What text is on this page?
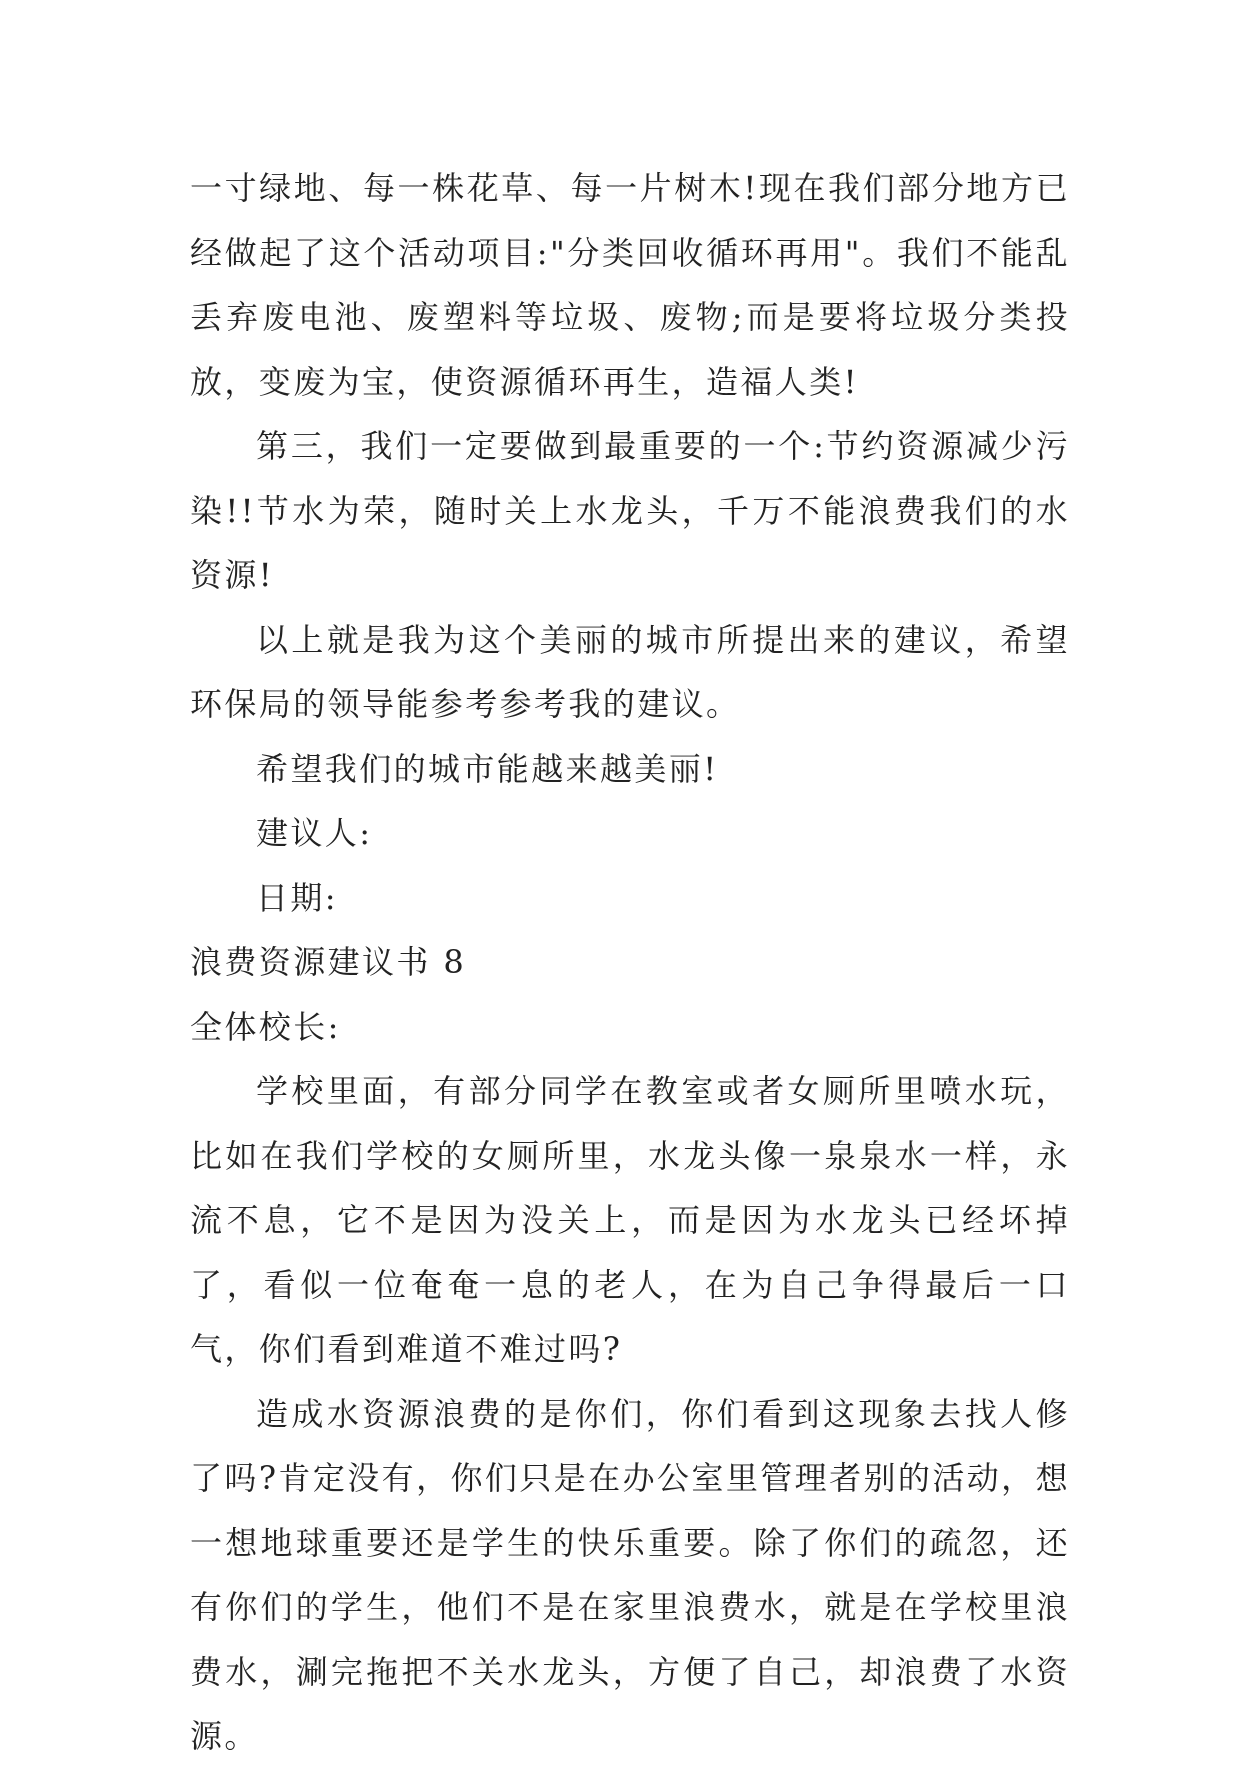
一寸绿地、每一株花草、每一片树木!现在我们部分地方已经做起了这个活动项目:"分类回收循环再用"。我们不能乱丢弃废电池、废塑料等垃圾、废物;而是要将垃圾分类投放，变废为宝，使资源循环再生，造福人类!

第三，我们一定要做到最重要的一个:节约资源减少污染!!节水为荣，随时关上水龙头，千万不能浪费我们的水资源!

以上就是我为这个美丽的城市所提出来的建议，希望环保局的领导能参考参考我的建议。

希望我们的城市能越来越美丽!

建议人:

日期:

浪费资源建议书 8

全体校长:

学校里面，有部分同学在教室或者女厕所里喷水玩，比如在我们学校的女厕所里，水龙头像一泉泉水一样，永流不息，它不是因为没关上，而是因为水龙头已经坏掉了，看似一位奄奄一息的老人，在为自己争得最后一口气，你们看到难道不难过吗?

造成水资源浪费的是你们，你们看到这现象去找人修了吗?肯定没有，你们只是在办公室里管理者别的活动，想一想地球重要还是学生的快乐重要。除了你们的疏忽，还有你们的学生，他们不是在家里浪费水，就是在学校里浪费水，涮完拖把不关水龙头，方便了自己，却浪费了水资源。
